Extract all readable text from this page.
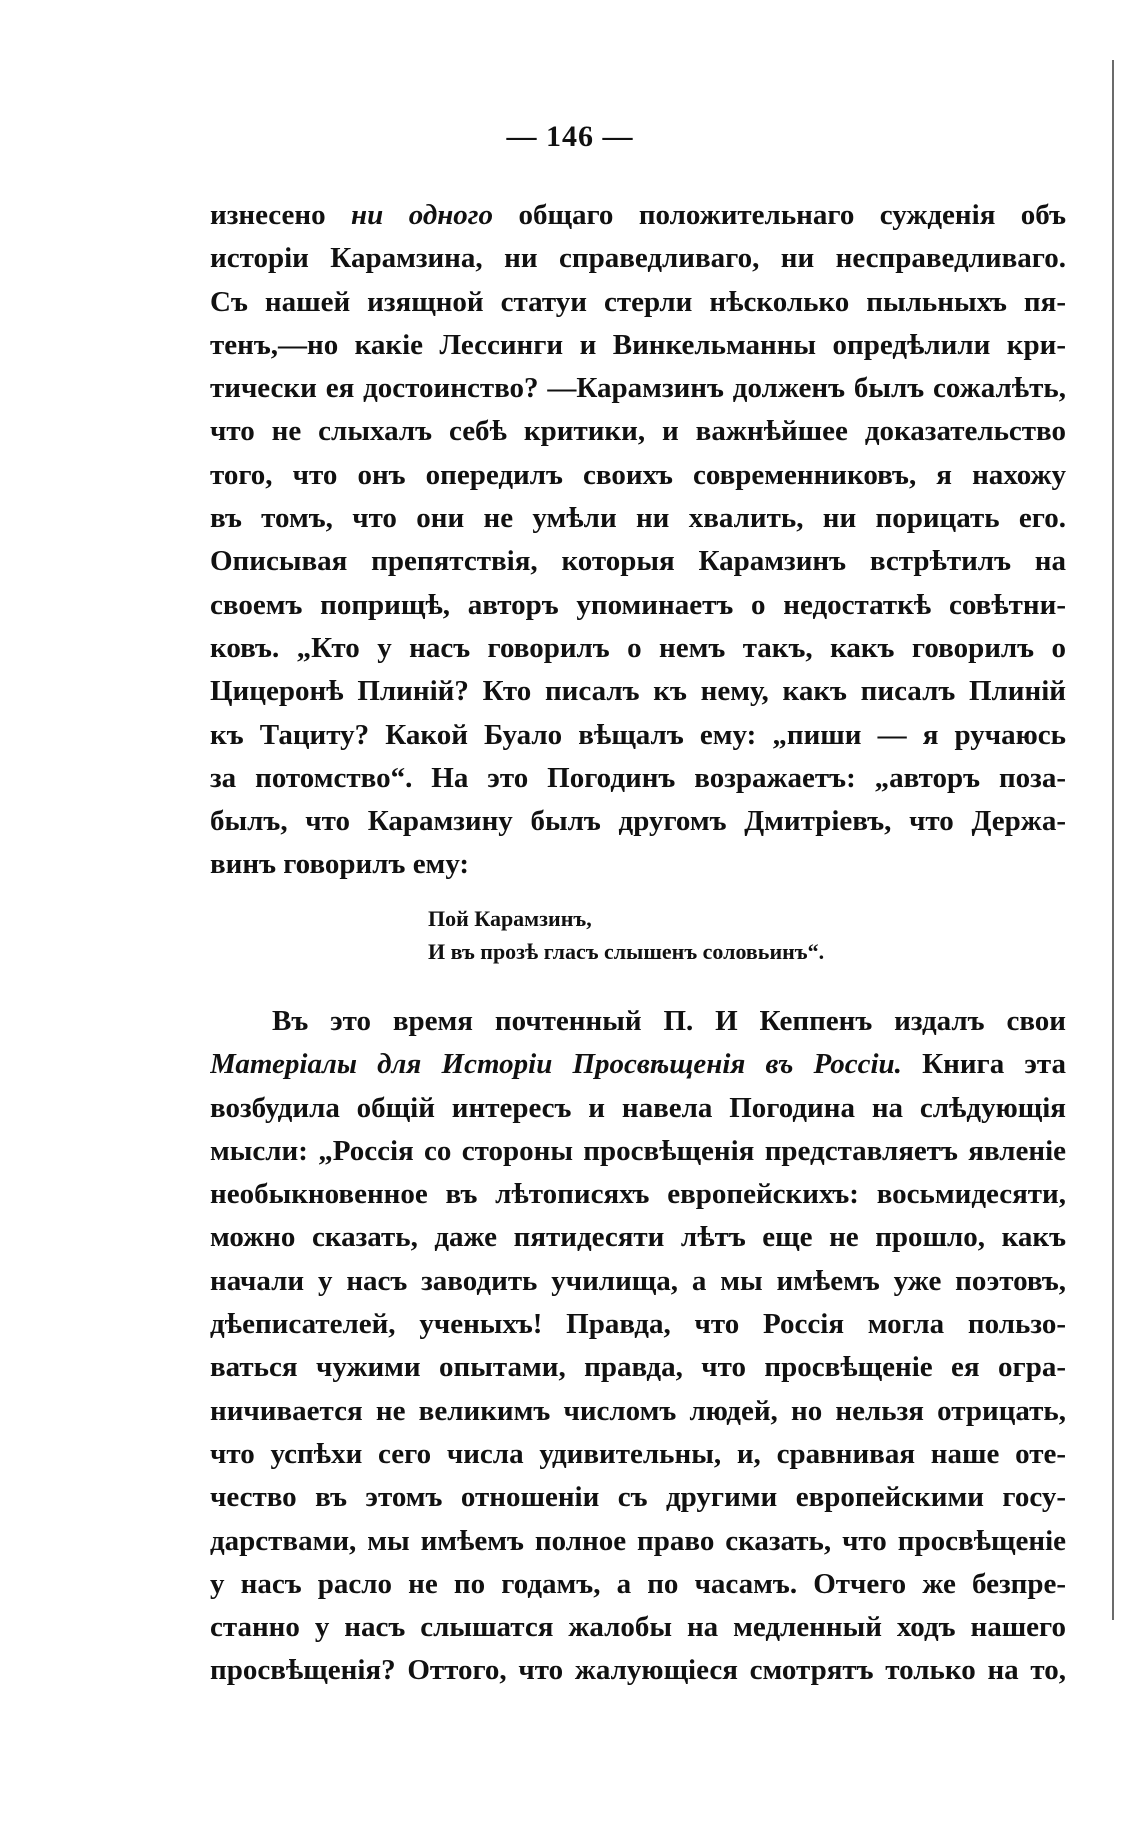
— 146 —
изнесено ни одного общаго положительнаго сужденія объ
исторіи Карамзина, ни справедливаго, ни несправедливаго.
Съ нашей изящной статуи стерли нѣсколько пыльныхъ пя-
тенъ,—но какіе Лессинги и Винкельманны опредѣлили кри-
тически ея достоинство? —Карамзинъ долженъ былъ сожалѣть,
что не слыхалъ себѣ критики, и важнѣйшее доказательство
того, что онъ опередилъ своихъ современниковъ, я нахожу
въ томъ, что они не умѣли ни хвалить, ни порицать его.
Описывая препятствія, которыя Карамзинъ встрѣтилъ на
своемъ поприщѣ, авторъ упоминаетъ о недостаткѣ совѣтни-
ковъ. „Кто у насъ говорилъ о немъ такъ, какъ говорилъ о
Цицеронѣ Плиній? Кто писалъ къ нему, какъ писалъ Плиній
къ Тациту? Какой Буало вѣщалъ ему: „пиши — я ручаюсь
за потомство“. На это Погодинъ возражаетъ: „авторъ поза-
былъ, что Карамзину былъ другомъ Дмитріевъ, что Держа-
винъ говорилъ ему:
Пой Карамзинъ,
И въ прозѣ гласъ слышенъ соловьинъ“.
Въ это время почтенный П. И Кеппенъ издалъ свои
Матеріалы для Исторіи Просвѣщенія въ Россіи. Книга эта
возбудила общій интересъ и навела Погодина на слѣдующія
мысли: „Россія со стороны просвѣщенія представляетъ явленіе
необыкновенное въ лѣтописяхъ европейскихъ: восьмидесяти,
можно сказать, даже пятидесяти лѣтъ еще не прошло, какъ
начали у насъ заводить училища, а мы имѣемъ уже поэтовъ,
дѣеписателей, ученыхъ! Правда, что Россія могла пользо-
ваться чужими опытами, правда, что просвѣщеніе ея огра-
ничивается не великимъ числомъ людей, но нельзя отрицать,
что успѣхи сего числа удивительны, и, сравнивая наше оте-
чество въ этомъ отношеніи съ другими европейскими госу-
дарствами, мы имѣемъ полное право сказать, что просвѣщеніе
у насъ расло не по годамъ, а по часамъ. Отчего же безпре-
станно у насъ слышатся жалобы на медленный ходъ нашего
просвѣщенія? Оттого, что жалующіеся смотрятъ только на то,
